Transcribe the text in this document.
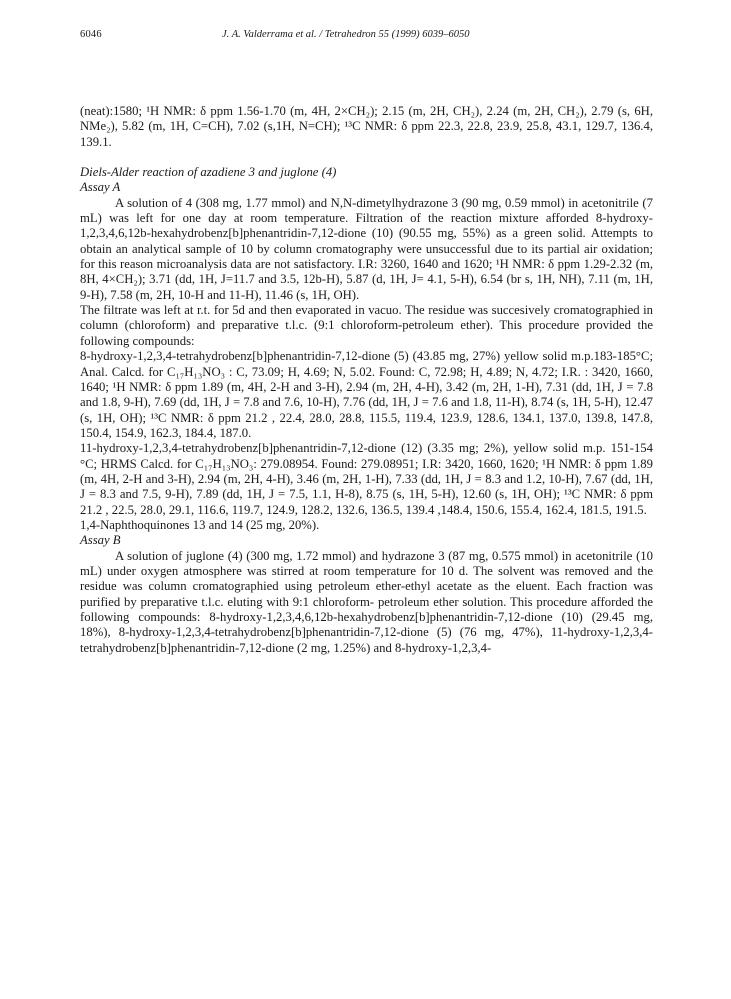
6046	J. A. Valderrama et al. / Tetrahedron 55 (1999) 6039–6050

(neat):1580; ¹H NMR: δ ppm 1.56-1.70 (m, 4H, 2×CH₂); 2.15 (m, 2H, CH₂), 2.24 (m, 2H, CH₂), 2.79 (s, 6H, NMe₂), 5.82 (m, 1H, C=CH), 7.02 (s,1H, N=CH); ¹³C NMR: δ ppm 22.3, 22.8, 23.9, 25.8, 43.1, 129.7, 136.4, 139.1.

Diels-Alder reaction of azadiene 3 and juglone (4)

Assay A

A solution of 4 (308 mg, 1.77 mmol) and N,N-dimetylhydrazone 3 (90 mg, 0.59 mmol) in acetonitrile (7 mL) was left for one day at room temperature. Filtration of the reaction mixture afforded 8-hydroxy-1,2,3,4,6,12b-hexahydrobenz[b]phenantridin-7,12-dione (10) (90.55 mg, 55%) as a green solid. Attempts to obtain an analytical sample of 10 by column cromatography were unsuccessful due to its partial air oxidation; for this reason microanalysis data are not satisfactory. I.R: 3260, 1640 and 1620; ¹H NMR: δ ppm 1.29-2.32 (m, 8H, 4×CH₂); 3.71 (dd, 1H, J=11.7 and 3.5, 12b-H), 5.87 (d, 1H, J= 4.1, 5-H), 6.54 (br s, 1H, NH), 7.11 (m, 1H, 9-H), 7.58 (m, 2H, 10-H and 11-H), 11.46 (s, 1H, OH).

The filtrate was left at r.t. for 5d and then evaporated in vacuo. The residue was succesively cromatographied in column (chloroform) and preparative t.l.c. (9:1 chloroform-petroleum ether). This procedure provided the following compounds:

8-hydroxy-1,2,3,4-tetrahydrobenz[b]phenantridin-7,12-dione (5) (43.85 mg, 27%) yellow solid m.p.183-185°C; Anal. Calcd. for C₁₇H₁₃NO₃ : C, 73.09; H, 4.69; N, 5.02. Found: C, 72.98; H, 4.89; N, 4.72; I.R. : 3420, 1660, 1640; ¹H NMR: δ ppm 1.89 (m, 4H, 2-H and 3-H), 2.94 (m, 2H, 4-H), 3.42 (m, 2H, 1-H), 7.31 (dd, 1H, J = 7.8 and 1.8, 9-H), 7.69 (dd, 1H, J = 7.8 and 7.6, 10-H), 7.76 (dd, 1H, J = 7.6 and 1.8, 11-H), 8.74 (s, 1H, 5-H), 12.47 (s, 1H, OH); ¹³C NMR: δ ppm 21.2 , 22.4, 28.0, 28.8, 115.5, 119.4, 123.9, 128.6, 134.1, 137.0, 139.8, 147.8, 150.4, 154.9, 162.3, 184.4, 187.0.

11-hydroxy-1,2,3,4-tetrahydrobenz[b]phenantridin-7,12-dione (12) (3.35 mg; 2%), yellow solid m.p. 151-154 °C; HRMS Calcd. for C₁₇H₁₃NO₃: 279.08954. Found: 279.08951; I.R: 3420, 1660, 1620; ¹H NMR: δ ppm 1.89 (m, 4H, 2-H and 3-H), 2.94 (m, 2H, 4-H), 3.46 (m, 2H, 1-H), 7.33 (dd, 1H, J = 8.3 and 1.2, 10-H), 7.67 (dd, 1H, J = 8.3 and 7.5, 9-H), 7.89 (dd, 1H, J = 7.5, 1.1, H-8), 8.75 (s, 1H, 5-H), 12.60 (s, 1H, OH); ¹³C NMR: δ ppm 21.2 , 22.5, 28.0, 29.1, 116.6, 119.7, 124.9, 128.2, 132.6, 136.5, 139.4 ,148.4, 150.6, 155.4, 162.4, 181.5, 191.5.

1,4-Naphthoquinones 13 and 14 (25 mg, 20%).

Assay B

A solution of juglone (4) (300 mg, 1.72 mmol) and hydrazone 3 (87 mg, 0.575 mmol) in acetonitrile (10 mL) under oxygen atmosphere was stirred at room temperature for 10 d. The solvent was removed and the residue was column cromatographied using petroleum ether-ethyl acetate as the eluent. Each fraction was purified by preparative t.l.c. eluting with 9:1 chloroform- petroleum ether solution. This procedure afforded the following compounds: 8-hydroxy-1,2,3,4,6,12b-hexahydrobenz[b]phenantridin-7,12-dione (10) (29.45 mg, 18%), 8-hydroxy-1,2,3,4-tetrahydrobenz[b]phenantridin-7,12-dione (5) (76 mg, 47%), 11-hydroxy-1,2,3,4-tetrahydrobenz[b]phenantridin-7,12-dione (2 mg, 1.25%) and 8-hydroxy-1,2,3,4-
